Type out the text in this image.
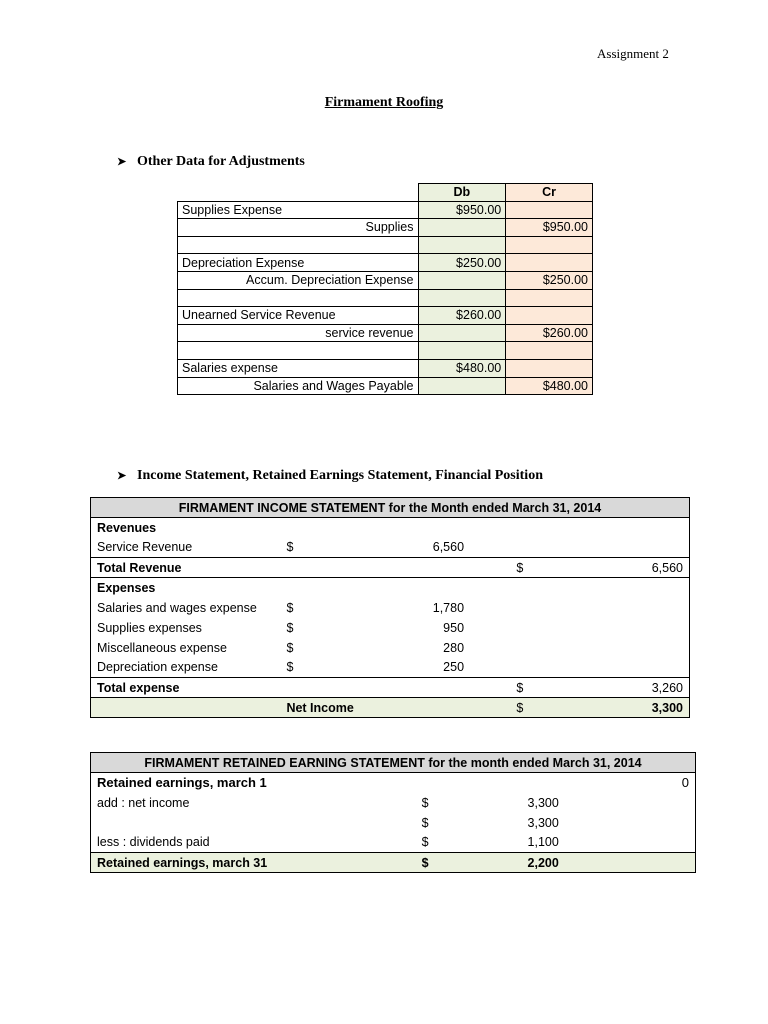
Assignment 2
Firmament Roofing
➤ Other Data for Adjustments
	Db	Cr
Supplies Expense	$950.00	
Supplies		$950.00

Depreciation Expense	$250.00	
Accum. Depreciation Expense		$250.00

Unearned Service Revenue	$260.00	
service revenue		$260.00

Salaries expense	$480.00	
Salaries and Wages Payable		$480.00
➤ Income Statement, Retained Earnings Statement, Financial Position
FIRMAMENT INCOME STATEMENT for the Month ended March 31, 2014				
Revenues				
Service Revenue	$	6,560		
Total Revenue			$	6,560
Expenses				
Salaries and wages expense	$	1,780		
Supplies expenses	$	950		
Miscellaneous expense	$	280		
Depreciation expense	$	250		
Total expense			$	3,260
	Net Income		$	3,300
FIRMAMENT RETAINED EARNING STATEMENT for the month ended March 31, 2014			
Retained earnings, march 1			0
add : net income	$	3,300	
	$	3,300	
less : dividends paid	$	1,100	
Retained earnings, march 31	$	2,200	
